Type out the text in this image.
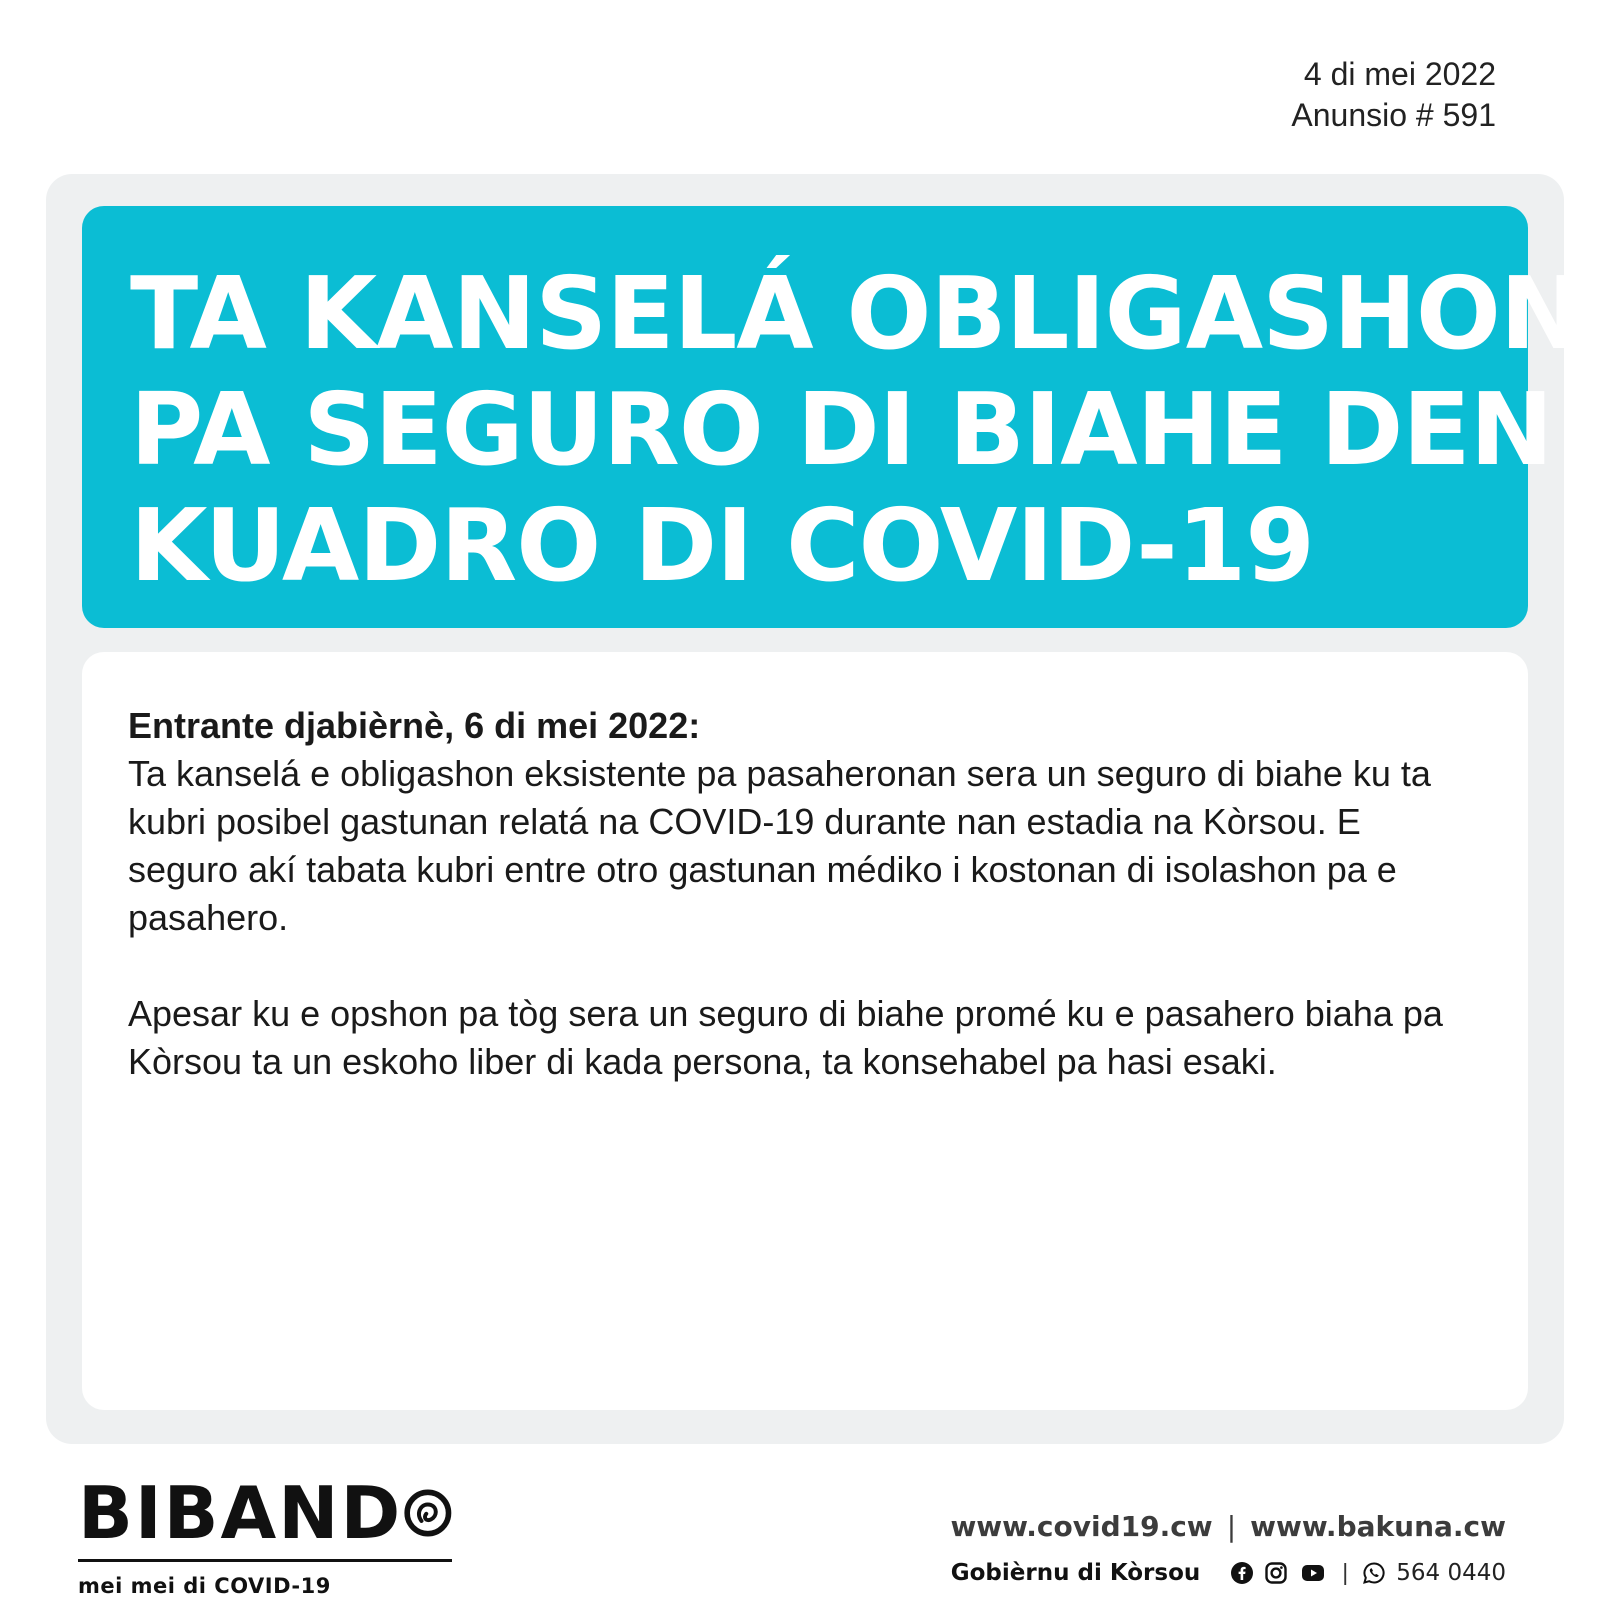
4 di mei 2022
Anunsio # 591
TA KANSELÁ OBLIGASHON
PA SEGURO DI BIAHE DEN
KUADRO DI COVID-19
Entrante djabièrnè, 6 di mei 2022:
Ta kanselá e obligashon eksistente pa pasaheronan sera un seguro di biahe ku ta kubri posibel gastunan relatá na COVID-19 durante nan estadia na Kòrsou. E seguro akí tabata kubri entre otro gastunan médiko i kostonan di isolashon pa e pasahero.
Apesar ku e opshon pa tòg sera un seguro di biahe promé ku e pasahero biaha pa Kòrsou ta un eskoho liber di kada persona, ta konsehabel pa hasi esaki.
BIBAND
mei mei di COVID-19
www.covid19.cw | www.bakuna.cw
Gobièrnu di Kòrsou	| 564 0440
